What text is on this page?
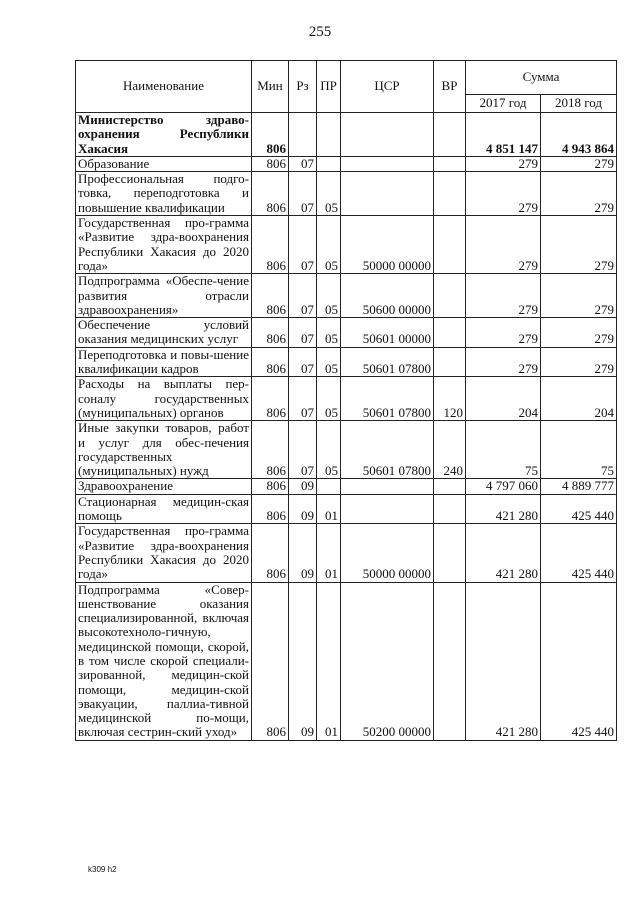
255
Наименование	Мин	Рз	ПР	ЦСР	ВР	Сумма	
						2017 год	2018 год
Министерство здраво-охранения Республики Хакасия	806					4 851 147	4 943 864
Образование	806	07				279	279
Профессиональная подго-товка, переподготовка и повышение квалификации	806	07	05			279	279
Государственная про-грамма «Развитие здра-воохранения Республики Хакасия до 2020 года»	806	07	05	50000 00000		279	279
Подпрограмма «Обеспе-чение развития отрасли здравоохранения»	806	07	05	50600 00000		279	279
Обеспечение условий оказания медицинских услуг	806	07	05	50601 00000		279	279
Переподготовка и повы-шение квалификации кадров	806	07	05	50601 07800		279	279
Расходы на выплаты пер-соналу государственных (муниципальных) органов	806	07	05	50601 07800	120	204	204
Иные закупки товаров, работ и услуг для обес-печения государственных (муниципальных) нужд	806	07	05	50601 07800	240	75	75
Здравоохранение	806	09				4 797 060	4 889 777
Стационарная медицин-ская помощь	806	09	01			421 280	425 440
Государственная про-грамма «Развитие здра-воохранения Республики Хакасия до 2020 года»	806	09	01	50000 00000		421 280	425 440
Подпрограмма «Совер-шенствование оказания специализированной, включая высокотехноло-гичную, медицинской помощи, скорой, в том числе скорой специали-зированной, медицин-ской помощи, медицин-ской эвакуации, паллиа-тивной медицинской по-мощи, включая сестрин-ский уход»	806	09	01	50200 00000		421 280	425 440
k309 h2
